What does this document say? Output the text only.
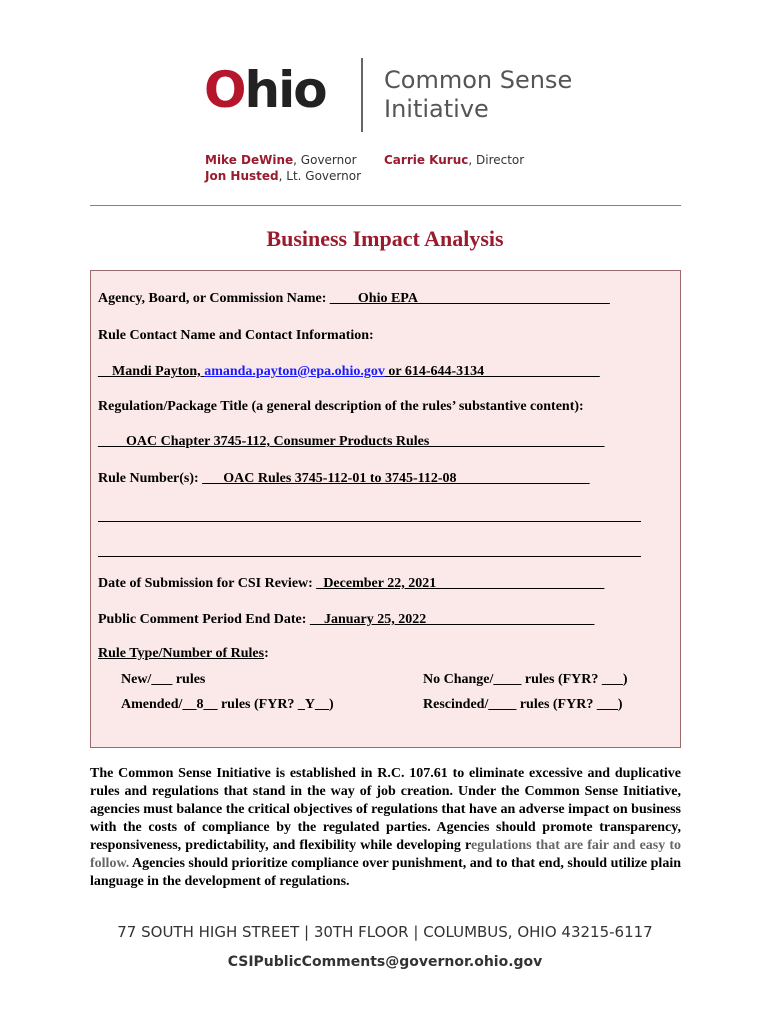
Ohio Common Sense
Initiative
Mike DeWine, Governor
Jon Husted, Lt. Governor
Carrie Kuruc, Director
Business Impact Analysis
Agency, Board, or Commission Name: ____Ohio EPA ___________________________
Rule Contact Name and Contact Information:
__Mandi Payton, amanda.payton@epa.ohio.gov or 614-644-3134 ________________
Regulation/Package Title (a general description of the rules’ substantive content):
____OAC Chapter 3745-112, Consumer Products Rules_________________________
Rule Number(s): ___OAC Rules 3745-112-01 to 3745-112-08___________________
Date of Submission for CSI Review: _December 22, 2021________________________
Public Comment Period End Date: __January 25, 2022________________________
Rule Type/Number of Rules:
New/___ rules	No Change/____ rules (FYR? ___)
Amended/__8__ rules (FYR? _Y__)	Rescinded/____ rules (FYR? ___)
The Common Sense Initiative is established in R.C. 107.61 to eliminate excessive and duplicative rules and regulations that stand in the way of job creation. Under the Common Sense Initiative, agencies must balance the critical objectives of regulations that have an adverse impact on business with the costs of compliance by the regulated parties. Agencies should promote transparency, responsiveness, predictability, and flexibility while developing regulations that are fair and easy to follow. Agencies should prioritize compliance over punishment, and to that end, should utilize plain language in the development of regulations.
77 SOUTH HIGH STREET | 30TH FLOOR | COLUMBUS, OHIO 43215-6117
CSIPublicComments@governor.ohio.gov
